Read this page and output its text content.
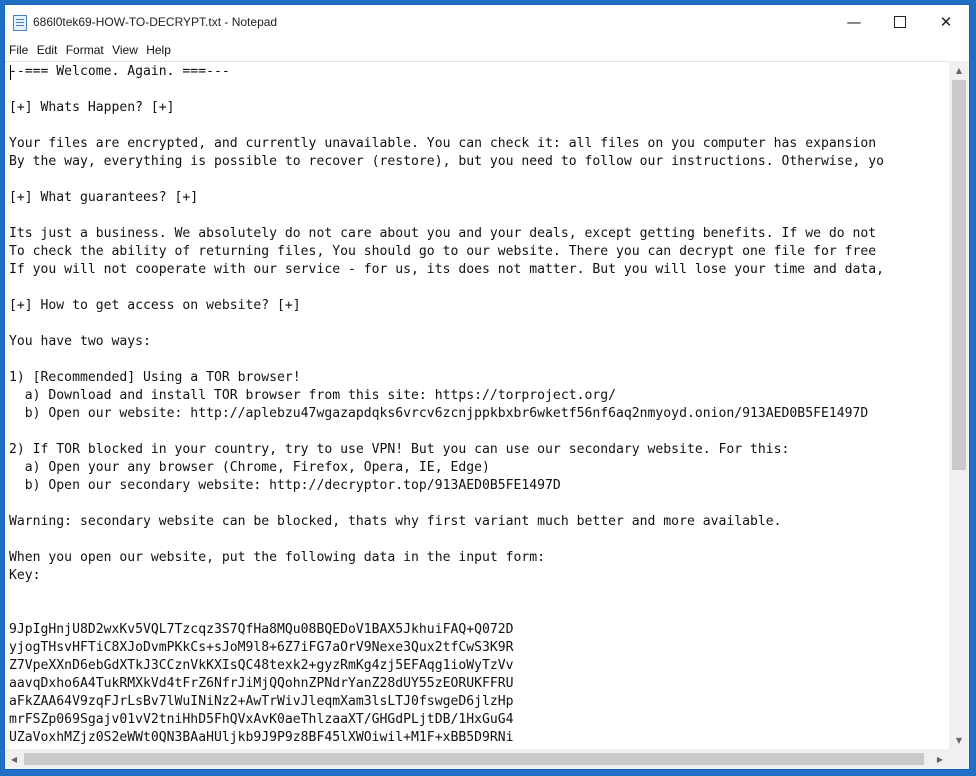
686l0tek69-HOW-TO-DECRYPT.txt - Notepad	—	✕
File Edit Format View Help
--=== Welcome. Again. ===---

[+] Whats Happen? [+]

Your files are encrypted, and currently unavailable. You can check it: all files on you computer has expansion
By the way, everything is possible to recover (restore), but you need to follow our instructions. Otherwise, yo

[+] What guarantees? [+]

Its just a business. We absolutely do not care about you and your deals, except getting benefits. If we do not
To check the ability of returning files, You should go to our website. There you can decrypt one file for free
If you will not cooperate with our service - for us, its does not matter. But you will lose your time and data,

[+] How to get access on website? [+]

You have two ways:

1) [Recommended] Using a TOR browser!
a) Download and install TOR browser from this site: https://torproject.org/
b) Open our website: http://aplebzu47wgazapdqks6vrcv6zcnjppkbxbr6wketf56nf6aq2nmyoyd.onion/913AED0B5FE1497D

2) If TOR blocked in your country, try to use VPN! But you can use our secondary website. For this:
a) Open your any browser (Chrome, Firefox, Opera, IE, Edge)
b) Open our secondary website: http://decryptor.top/913AED0B5FE1497D

Warning: secondary website can be blocked, thats why first variant much better and more available.

When you open our website, put the following data in the input form:
Key:

9JpIgHnjU8D2wxKv5VQL7Tzcqz3S7QfHa8MQu08BQEDoV1BAX5JkhuiFAQ+Q072D
yjogTHsvHFTiC8XJoDvmPKkCs+sJoM9l8+6Z7iFG7aOrV9Nexe3Qux2tfCwS3K9R
Z7VpeXXnD6ebGdXTkJ3CCznVkKXIsQC48texk2+gyzRmKg4zj5EFAqg1ioWyTzVv
aavqDxho6A4TukRMXkVd4tFrZ6NfrJiMjQQohnZPNdrYanZ28dUY55zEORUKFFRU
aFkZAA64V9zqFJrLsBv7lWuINiNz2+AwTrWivJleqmXam3lsLTJ0fswgeD6jlzHp
mrFSZp069Sgajv01vV2tniHhD5FhQVxAvK0aeThlzaaXT/GHGdPLjtDB/1HxGuG4
UZaVoxhMZjz0S2eWWt0QN3BAaHUljkb9J9P9z8BF45lXWOiwil+M1F+xBB5D9RNi
▲
▼
◀	▶
